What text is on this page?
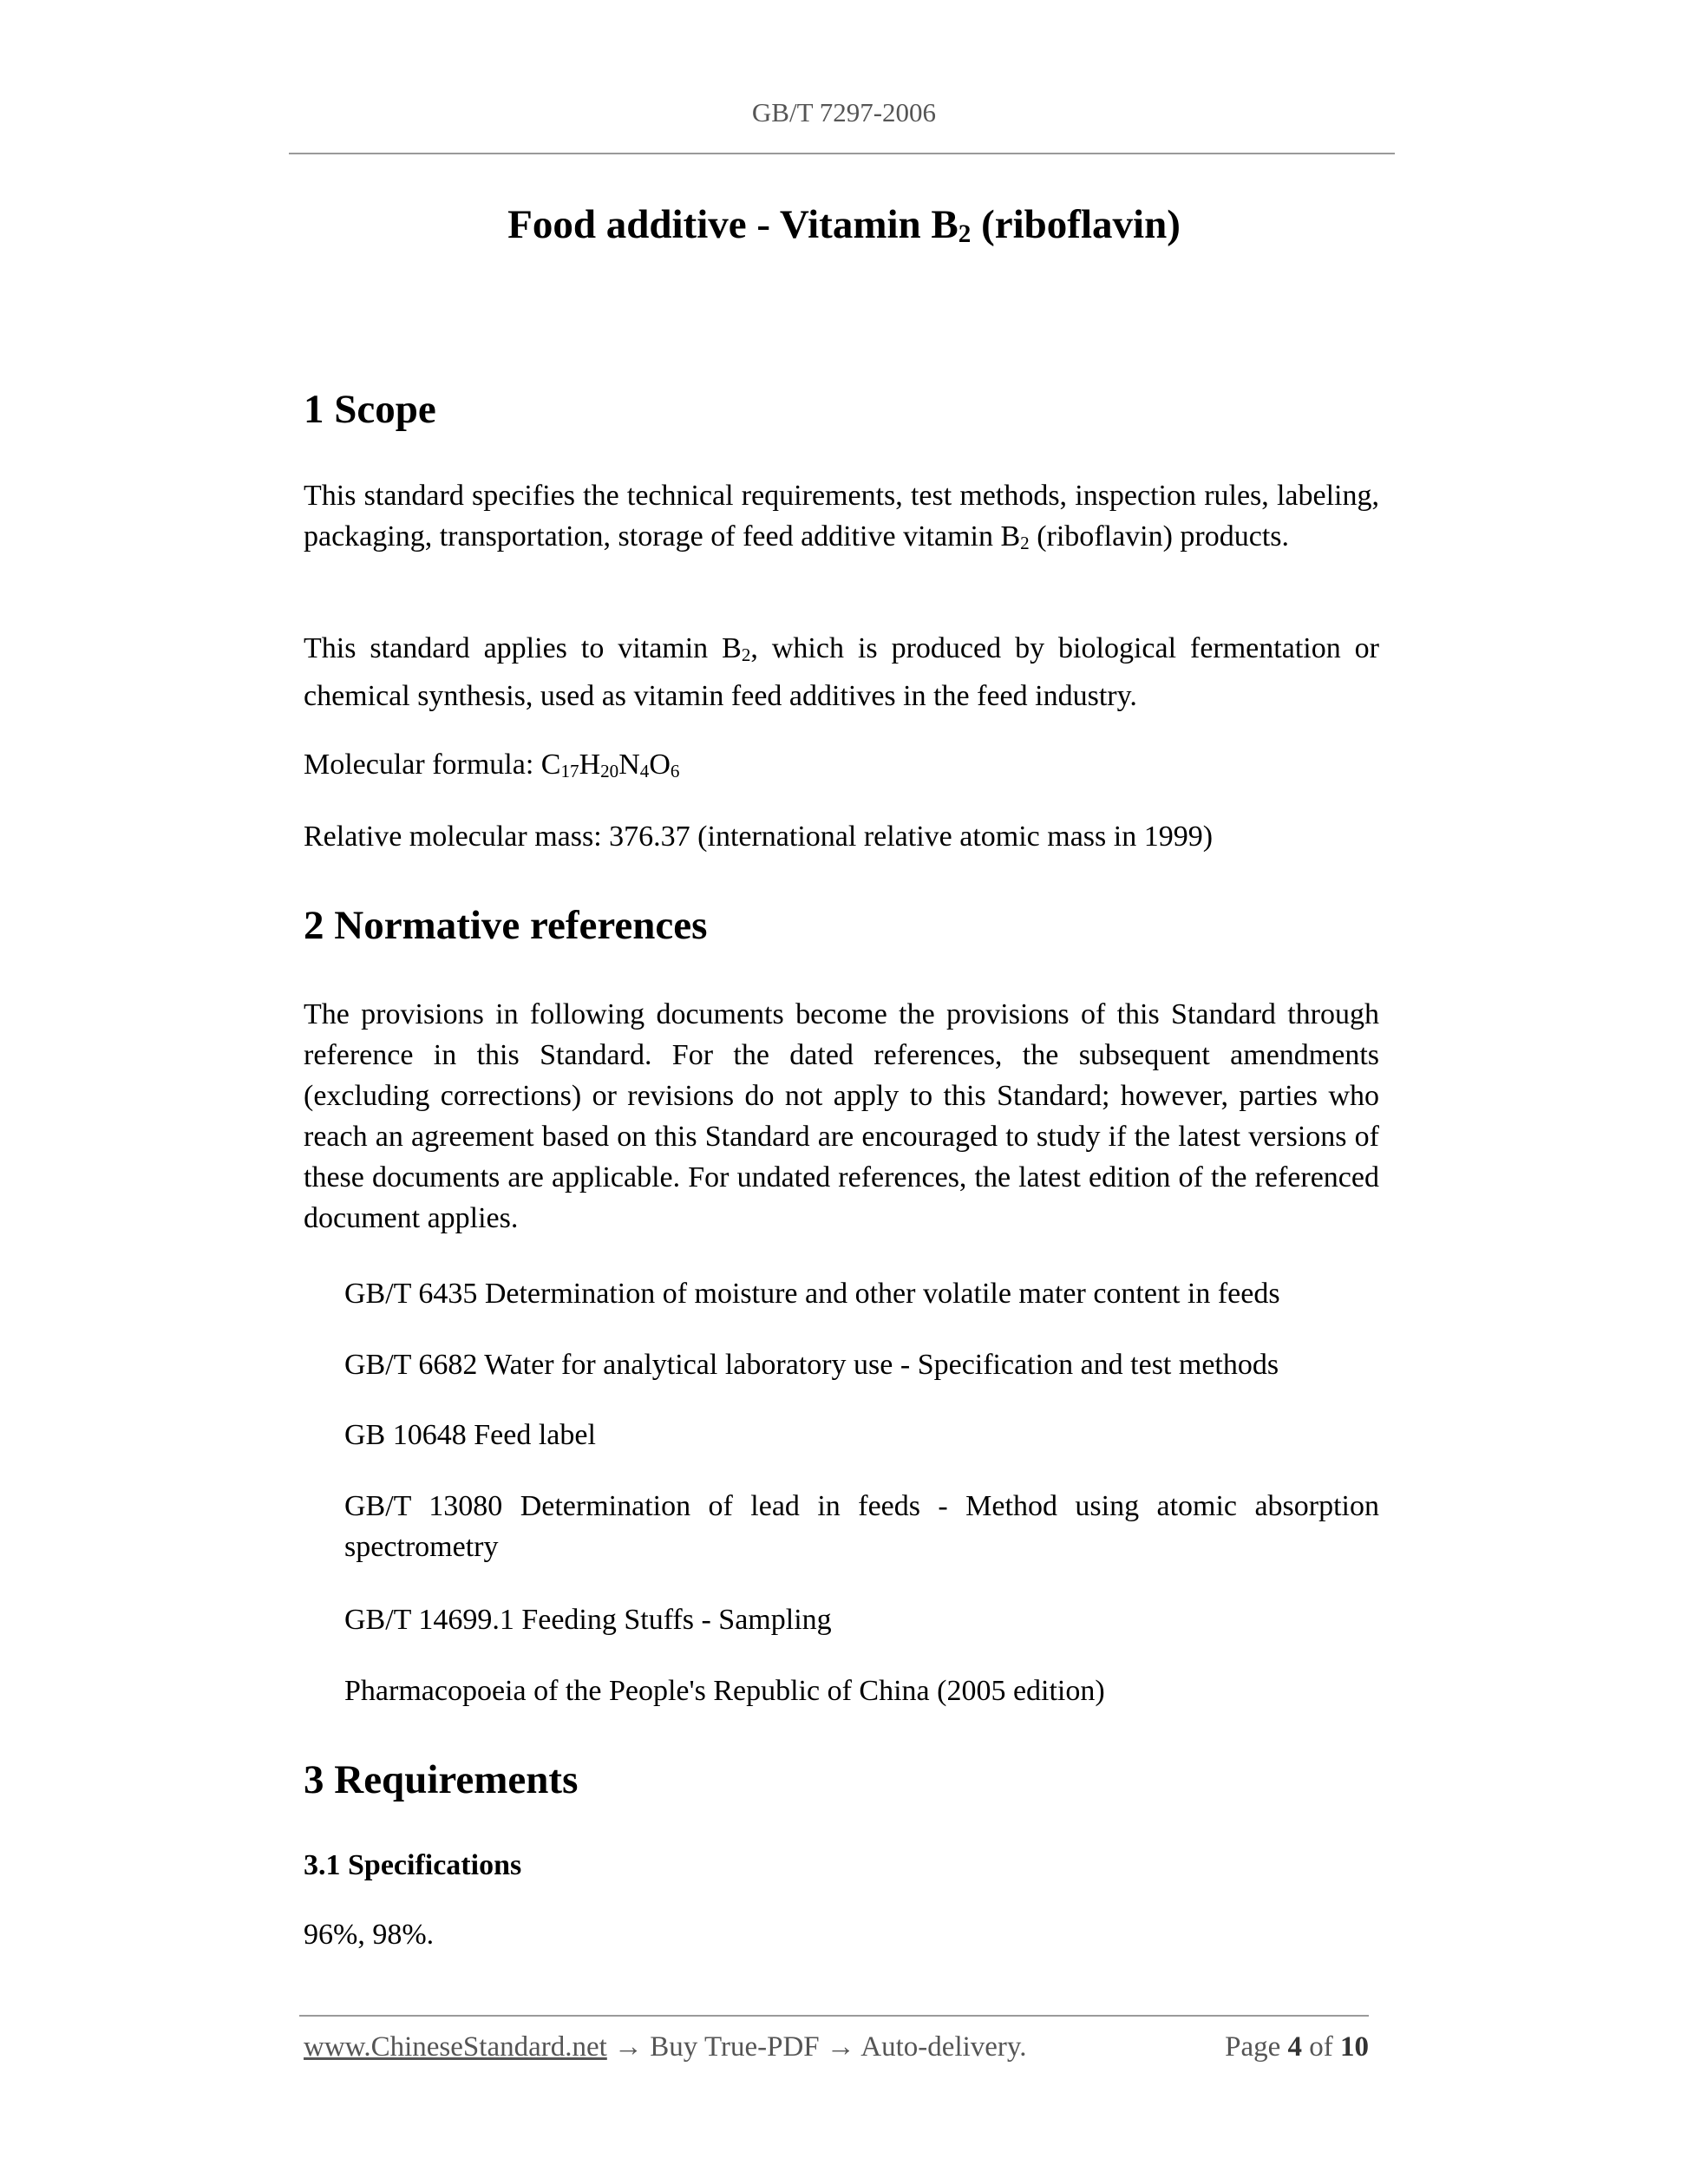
GB/T 7297-2006
Food additive - Vitamin B2 (riboflavin)
1 Scope

This standard specifies the technical requirements, test methods, inspection rules, labeling, packaging, transportation, storage of feed additive vitamin B2 (riboflavin) products.

This standard applies to vitamin B2, which is produced by biological fermentation or chemical synthesis, used as vitamin feed additives in the feed industry.

Molecular formula: C17H20N4O6

Relative molecular mass: 376.37 (international relative atomic mass in 1999)

2 Normative references

The provisions in following documents become the provisions of this Standard through reference in this Standard. For the dated references, the subsequent amendments (excluding corrections) or revisions do not apply to this Standard; however, parties who reach an agreement based on this Standard are encouraged to study if the latest versions of these documents are applicable. For undated references, the latest edition of the referenced document applies.

GB/T 6435 Determination of moisture and other volatile mater content in feeds
GB/T 6682 Water for analytical laboratory use - Specification and test methods
GB 10648 Feed label
GB/T 13080 Determination of lead in feeds - Method using atomic absorption spectrometry
GB/T 14699.1 Feeding Stuffs - Sampling
Pharmacopoeia of the People's Republic of China (2005 edition)
3 Requirements
3.1 Specifications

96%, 98%.

www.ChineseStandard.net → Buy True-PDF → Auto-delivery.	Page 4 of 10
